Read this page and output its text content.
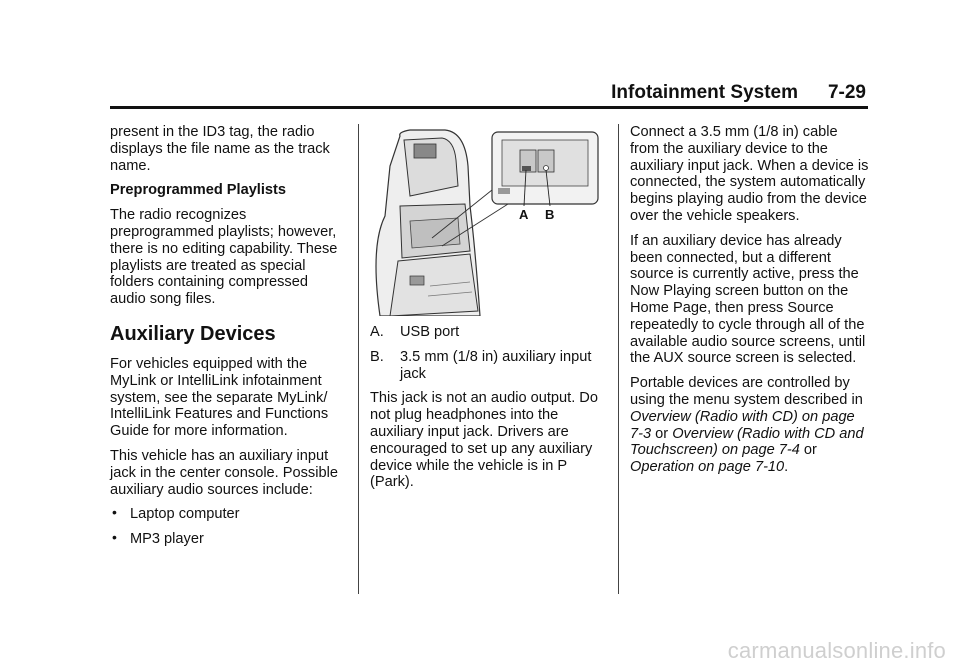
Infotainment System 7-29

present in the ID3 tag, the radio displays the file name as the track name.

Preprogrammed Playlists

The radio recognizes preprogrammed playlists; however, there is no editing capability. These playlists are treated as special folders containing compressed audio song files.

Auxiliary Devices

For vehicles equipped with the MyLink or IntelliLink infotainment system, see the separate MyLink/ IntelliLink Features and Functions Guide for more information.

This vehicle has an auxiliary input jack in the center console. Possible auxiliary audio sources include:

• Laptop computer
• MP3 player
A B
A. USB port
B. 3.5 mm (1/8 in) auxiliary input jack

This jack is not an audio output. Do not plug headphones into the auxiliary input jack. Drivers are encouraged to set up any auxiliary device while the vehicle is in P (Park).

Connect a 3.5 mm (1/8 in) cable from the auxiliary device to the auxiliary input jack. When a device is connected, the system automatically begins playing audio from the device over the vehicle speakers.

If an auxiliary device has already been connected, but a different source is currently active, press the Now Playing screen button on the Home Page, then press Source repeatedly to cycle through all of the available audio source screens, until the AUX source screen is selected.

Portable devices are controlled by using the menu system described in Overview (Radio with CD) on page 7-3 or Overview (Radio with CD and Touchscreen) on page 7-4 or Operation on page 7-10.

carmanualsonline.info
